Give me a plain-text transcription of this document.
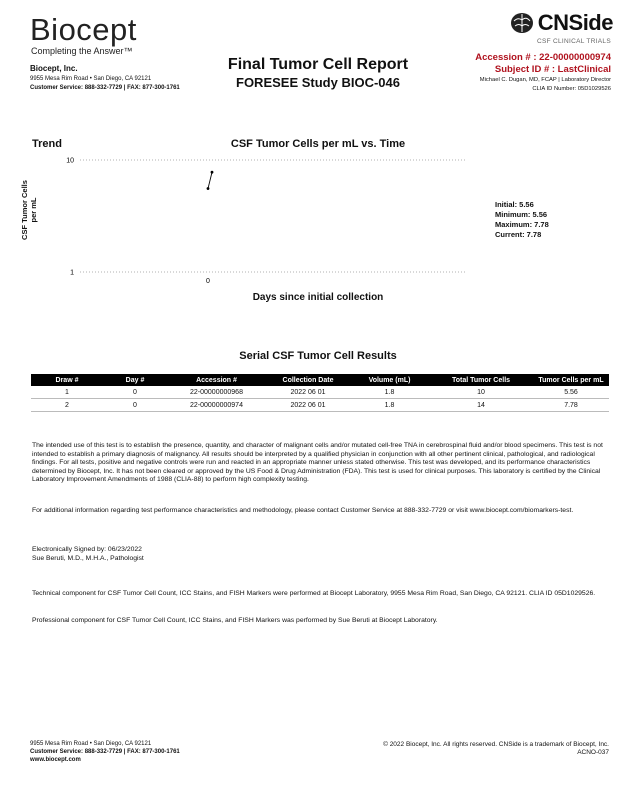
Biocept
Completing the Answer™
Biocept, Inc.
9955 Mesa Rim Road • San Diego, CA 92121
Customer Service: 888-332-7729 | FAX: 877-300-1761
Final Tumor Cell Report
FORESEE Study BIOC-046
CNSide
CSF CLINICAL TRIALS
Accession # : 22-00000000974
Subject ID # : LastClinical
Michael C. Dugan, MD, FCAP | Laboratory Director
CLIA ID Number: 05D1029526
Trend	CSF Tumor Cells per mL vs. Time
10
1
0
CSF Tumor Cells per mL
Days since initial collection
Initial: 5.56
Minimum: 5.56
Maximum: 7.78
Current: 7.78
Serial CSF Tumor Cell Results
Draw #	Day #	Accession #	Collection Date	Volume (mL)	Total Tumor Cells	Tumor Cells per mL
1	0	22-00000000968	2022 06 01	1.8	10	5.56
2	0	22-00000000974	2022 06 01	1.8	14	7.78
The intended use of this test is to establish the presence, quantity, and character of malignant cells and/or mutated cell-free TNA in cerebrospinal fluid and/or blood specimens. This test is not intended to establish a primary diagnosis of malignancy. All results should be interpreted by a qualified physician in conjunction with all other pertinent clinical, pathological, and radiological findings. For all tests, positive and negative controls were run and reacted in an appropriate manner unless stated otherwise. This test was developed, and its performance characteristics determined by Biocept, Inc. It has not been cleared or approved by the US Food & Drug Administration (FDA). This test is used for clinical purposes. This laboratory is certified by the Clinical Laboratory Improvement Amendments of 1988 (CLIA-88) to perform high complexity testing.
For additional information regarding test performance characteristics and methodology, please contact Customer Service at 888-332-7729 or visit www.biocept.com/biomarkers-test.
Electronically Signed by: 06/23/2022
Sue Beruti, M.D., M.H.A., Pathologist
Technical component for CSF Tumor Cell Count, ICC Stains, and FISH Markers were performed at Biocept Laboratory, 9955 Mesa Rim Road, San Diego, CA 92121. CLIA ID 05D1029526.
Professional component for CSF Tumor Cell Count, ICC Stains, and FISH Markers was performed by Sue Beruti at Biocept Laboratory.
9955 Mesa Rim Road • San Diego, CA 92121
Customer Service: 888-332-7729 | FAX: 877-300-1761
www.biocept.com
© 2022 Biocept, Inc. All rights reserved. CNSide is a trademark of Biocept, Inc.
ACNO-037
